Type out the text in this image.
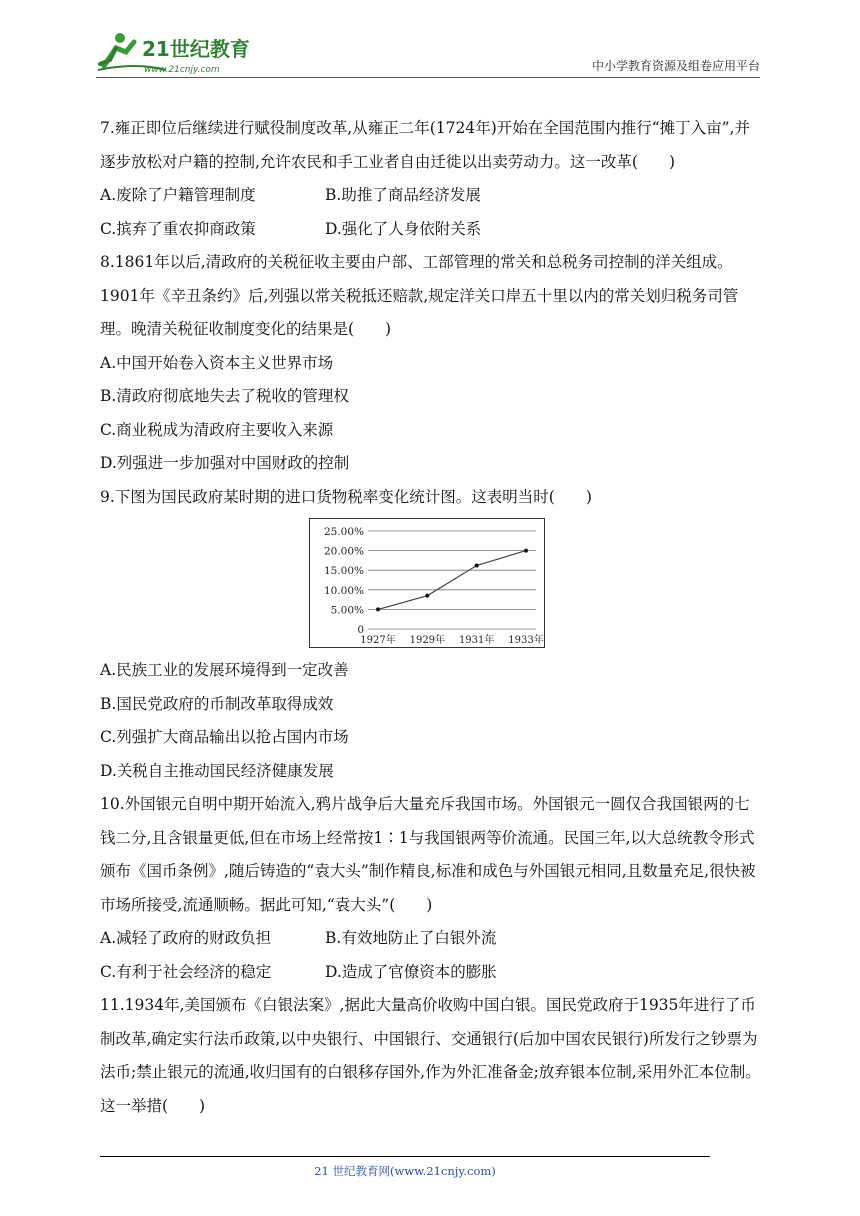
21世纪教育
www.21cnjy.com	中小学教育资源及组卷应用平台

7.雍正即位后继续进行赋役制度改革,从雍正二年(1724年)开始在全国范围内推行“摊丁入亩”,并逐步放松对户籍的控制,允许农民和手工业者自由迁徙以出卖劳动力。这一改革(　　)

A.废除了户籍管理制度	B.助推了商品经济发展
C.摈弃了重农抑商政策	D.强化了人身依附关系

8.1861年以后,清政府的关税征收主要由户部、工部管理的常关和总税务司控制的洋关组成。1901年《辛丑条约》后,列强以常关税抵还赔款,规定洋关口岸五十里以内的常关划归税务司管理。晚清关税征收制度变化的结果是(　　)

A.中国开始卷入资本主义世界市场
B.清政府彻底地失去了税收的管理权
C.商业税成为清政府主要收入来源
D.列强进一步加强对中国财政的控制

9.下图为国民政府某时期的进口货物税率变化统计图。这表明当时(　　)

25.00%
20.00%
15.00%
10.00%
5.00%
0
1927年 1929年 1931年 1933年
A.民族工业的发展环境得到一定改善
B.国民党政府的币制改革取得成效
C.列强扩大商品输出以抢占国内市场
D.关税自主推动国民经济健康发展

10.外国银元自明中期开始流入,鸦片战争后大量充斥我国市场。外国银元一圆仅合我国银两的七钱二分,且含银量更低,但在市场上经常按1∶1与我国银两等价流通。民国三年,以大总统教令形式颁布《国币条例》,随后铸造的“袁大头”制作精良,标准和成色与外国银元相同,且数量充足,很快被市场所接受,流通顺畅。据此可知,“袁大头”(　　)

A.减轻了政府的财政负担	B.有效地防止了白银外流
C.有利于社会经济的稳定	D.造成了官僚资本的膨胀

11.1934年,美国颁布《白银法案》,据此大量高价收购中国白银。国民党政府于1935年进行了币制改革,确定实行法币政策,以中央银行、中国银行、交通银行(后加中国农民银行)所发行之钞票为法币;禁止银元的流通,收归国有的白银移存国外,作为外汇准备金;放弃银本位制,采用外汇本位制。这一举措(　　)

21 世纪教育网(www.21cnjy.com)
